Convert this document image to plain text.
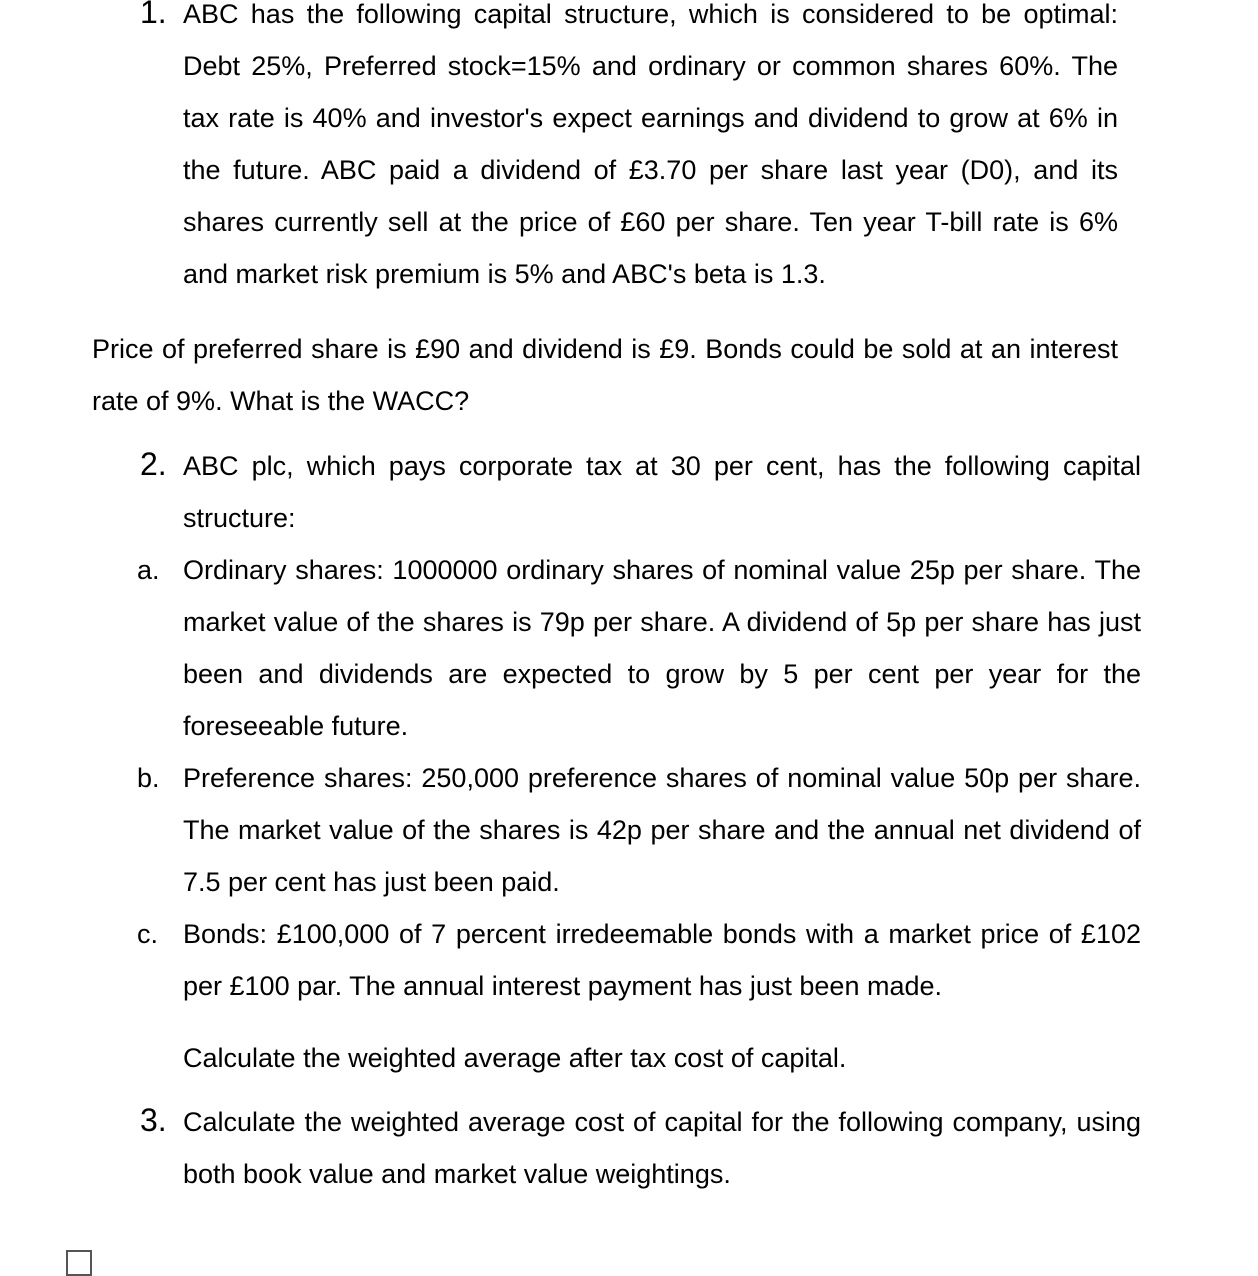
1. ABC has the following capital structure, which is considered to be optimal: Debt 25%, Preferred stock=15% and ordinary or common shares 60%. The tax rate is 40% and investor's expect earnings and dividend to grow at 6% in the future. ABC paid a dividend of £3.70 per share last year (D0), and its shares currently sell at the price of £60 per share. Ten year T-bill rate is 6% and market risk premium is 5% and ABC's beta is 1.3.

Price of preferred share is £90 and dividend is £9. Bonds could be sold at an interest rate of 9%. What is the WACC?

2. ABC plc, which pays corporate tax at 30 per cent, has the following capital structure:

a. Ordinary shares: 1000000 ordinary shares of nominal value 25p per share. The market value of the shares is 79p per share. A dividend of 5p per share has just been and dividends are expected to grow by 5 per cent per year for the foreseeable future.

b. Preference shares: 250,000 preference shares of nominal value 50p per share. The market value of the shares is 42p per share and the annual net dividend of 7.5 per cent has just been paid.

c. Bonds: £100,000 of 7 percent irredeemable bonds with a market price of £102 per £100 par. The annual interest payment has just been made.

Calculate the weighted average after tax cost of capital.

3. Calculate the weighted average cost of capital for the following company, using both book value and market value weightings.
